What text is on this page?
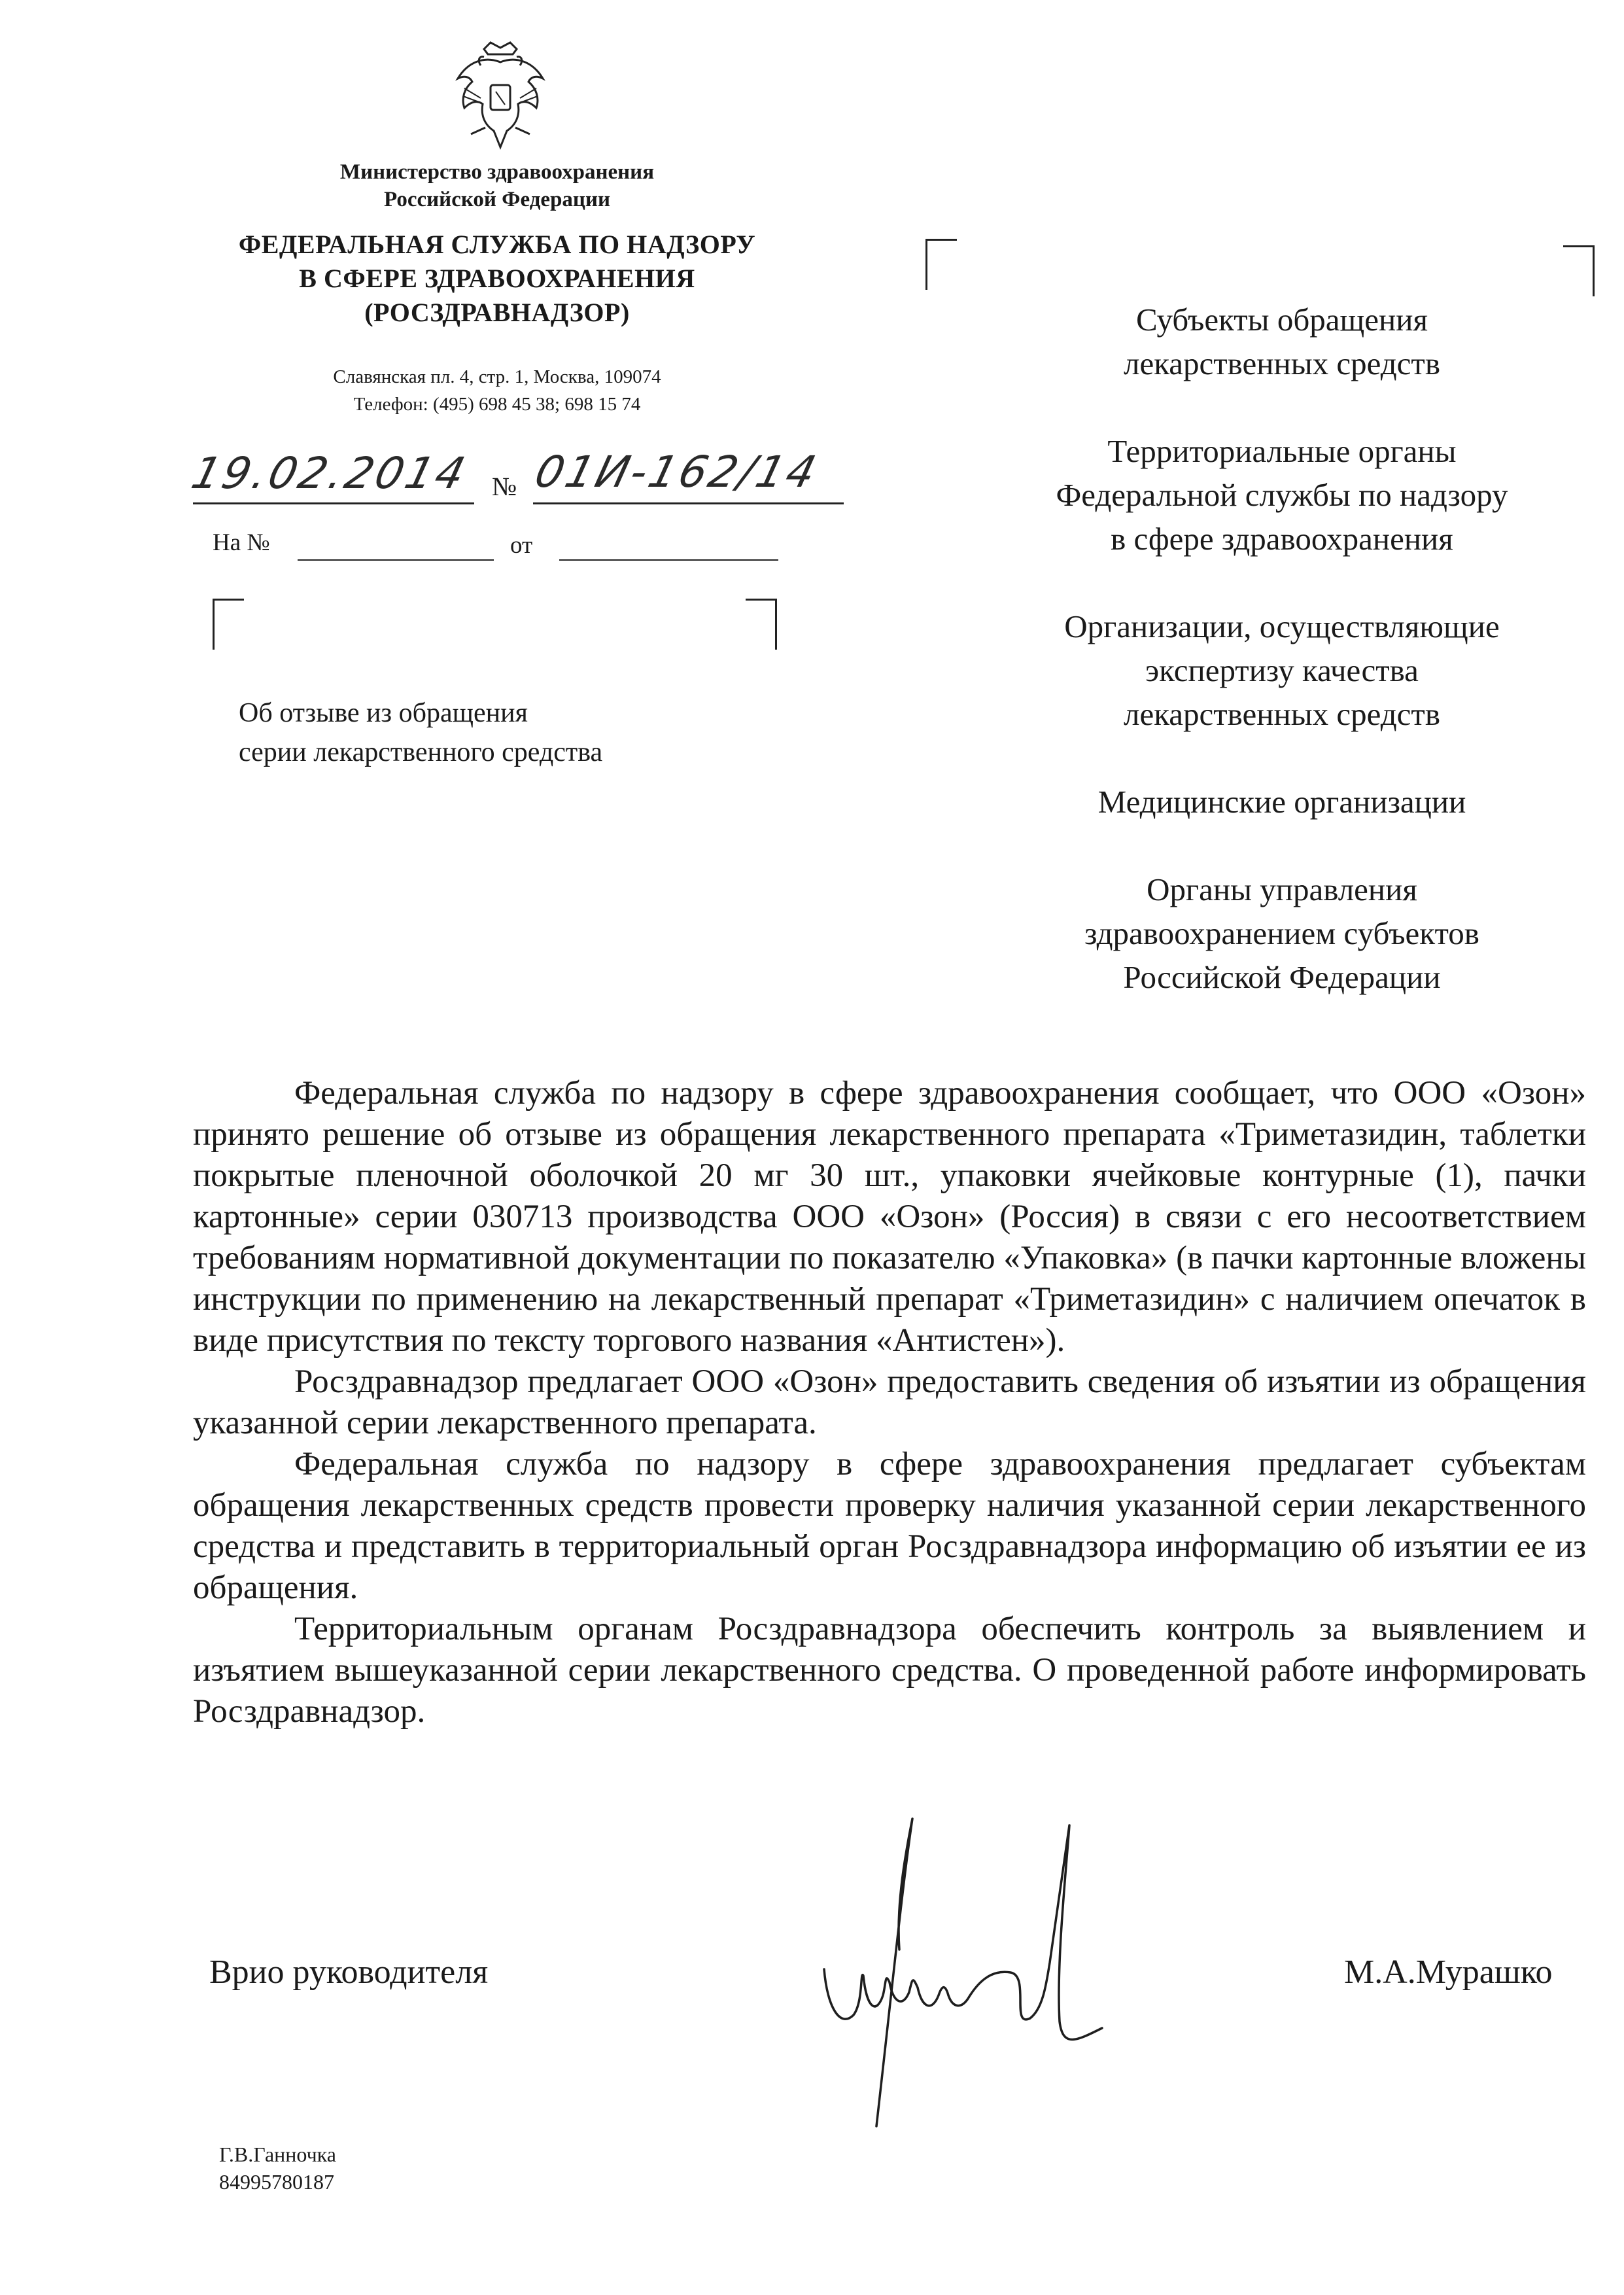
Министерство здравоохранения
Российской Федерации
ФЕДЕРАЛЬНАЯ СЛУЖБА ПО НАДЗОРУ
В СФЕРЕ ЗДРАВООХРАНЕНИЯ
(РОСЗДРАВНАДЗОР)
Славянская пл. 4, стр. 1, Москва, 109074
Телефон: (495) 698 45 38; 698 15 74
19.02.2014 № 01И-162/14
На №	от
Об отзыве из обращения
серии лекарственного средства
Субъекты обращения
лекарственных средств
Территориальные органы
Федеральной службы по надзору
в сфере здравоохранения
Организации, осуществляющие
экспертизу качества
лекарственных средств
Медицинские организации
Органы управления
здравоохранением субъектов
Российской Федерации

Федеральная служба по надзору в сфере здравоохранения сообщает, что ООО «Озон» принято решение об отзыве из обращения лекарственного препарата «Триметазидин, таблетки покрытые пленочной оболочкой 20 мг 30 шт., упаковки ячейковые контурные (1), пачки картонные» серии 030713 производства ООО «Озон» (Россия) в связи с его несоответствием требованиям нормативной документации по показателю «Упаковка» (в пачки картонные вложены инструкции по применению на лекарственный препарат «Триметазидин» с наличием опечаток в виде присутствия по тексту торгового названия «Антистен»).

Росздравнадзор предлагает ООО «Озон» предоставить сведения об изъятии из обращения указанной серии лекарственного препарата.

Федеральная служба по надзору в сфере здравоохранения предлагает субъектам обращения лекарственных средств провести проверку наличия указанной серии лекарственного средства и представить в территориальный орган Росздравнадзора информацию об изъятии ее из обращения.

Территориальным органам Росздравнадзора обеспечить контроль за выявлением и изъятием вышеуказанной серии лекарственного средства. О проведенной работе информировать Росздравнадзор.

Врио руководителя	М.А.Мурашко
Г.В.Ганночка
84995780187
